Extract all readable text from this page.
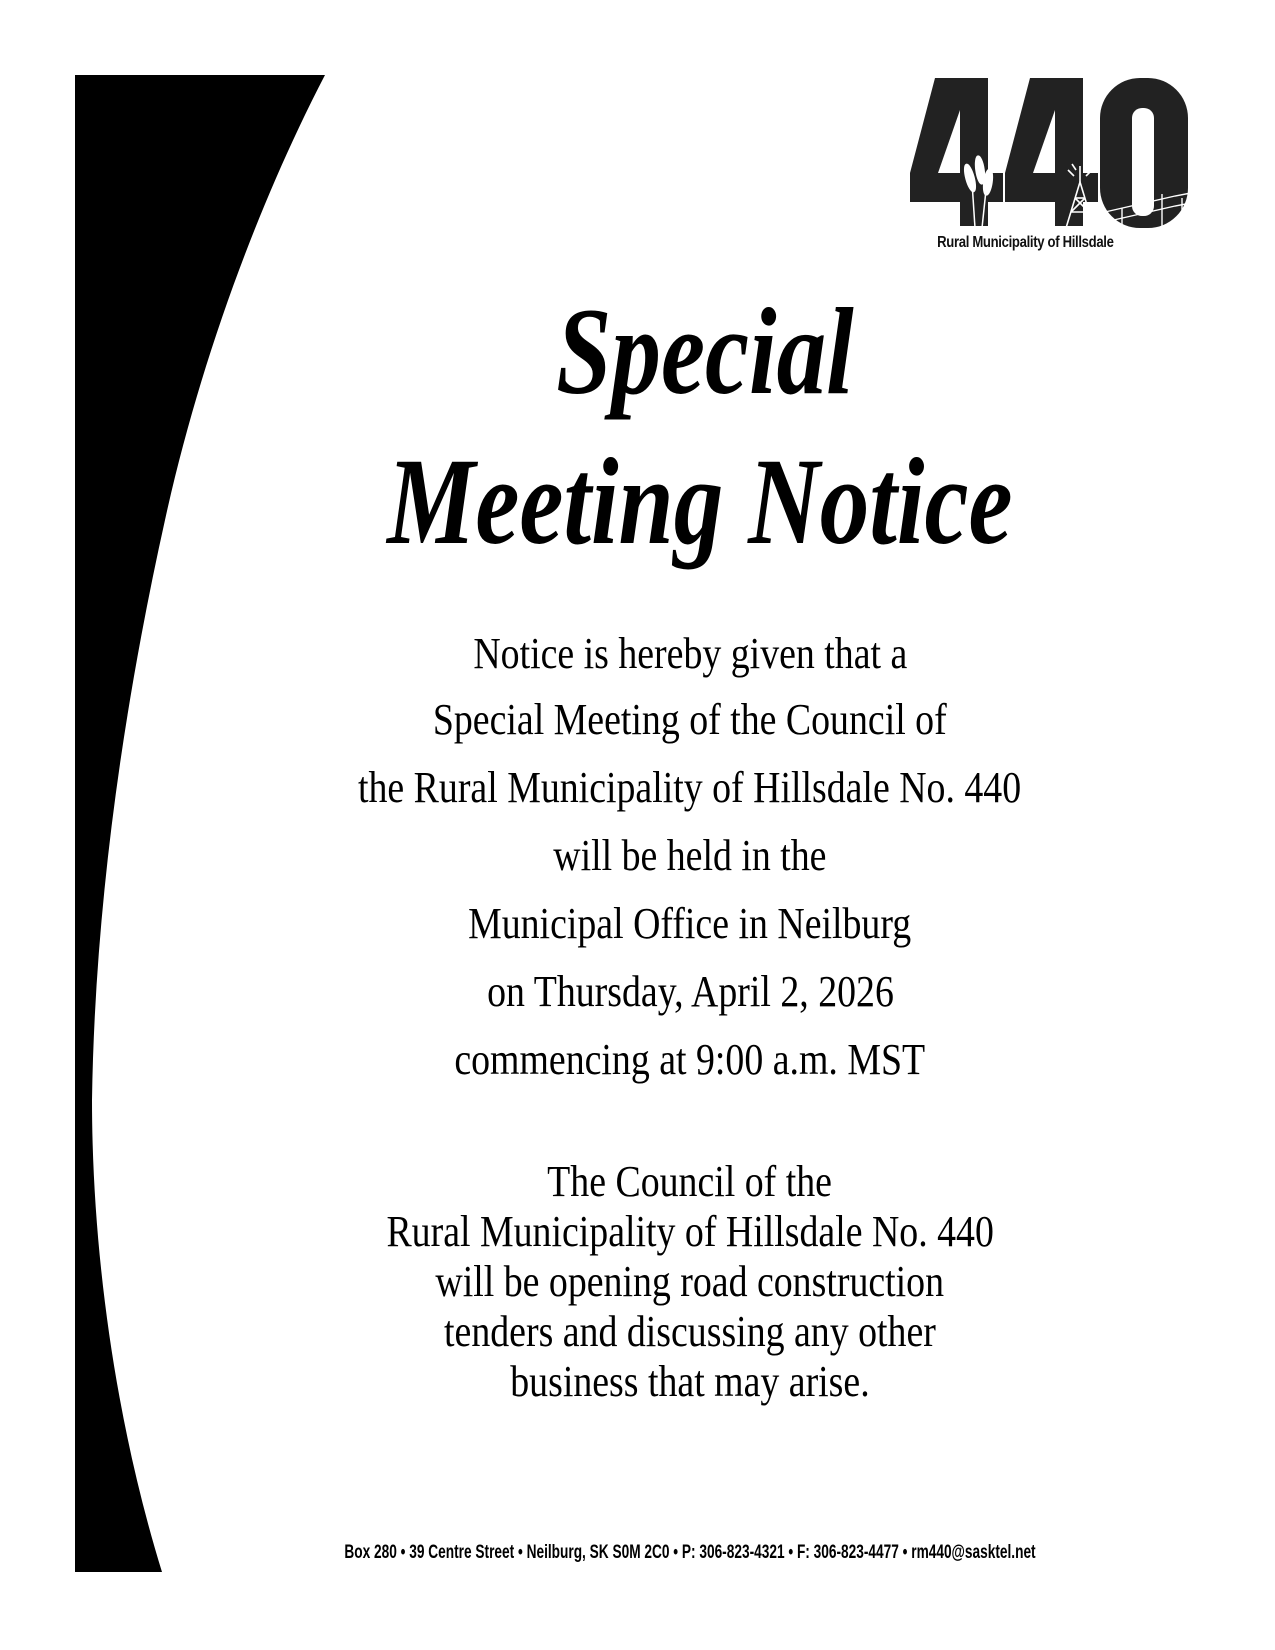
Rural Municipality of Hillsdale
Special
Meeting Notice
Notice is hereby given that a
Special Meeting of the Council of
the Rural Municipality of Hillsdale No. 440
will be held in the
Municipal Office in Neilburg
on Thursday, April 2, 2026
commencing at 9:00 a.m. MST
The Council of the
Rural Municipality of Hillsdale No. 440
will be opening road construction
tenders and discussing any other
business that may arise.
Box 280 • 39 Centre Street • Neilburg, SK S0M 2C0 • P: 306-823-4321 • F: 306-823-4477 • rm440@sasktel.net
